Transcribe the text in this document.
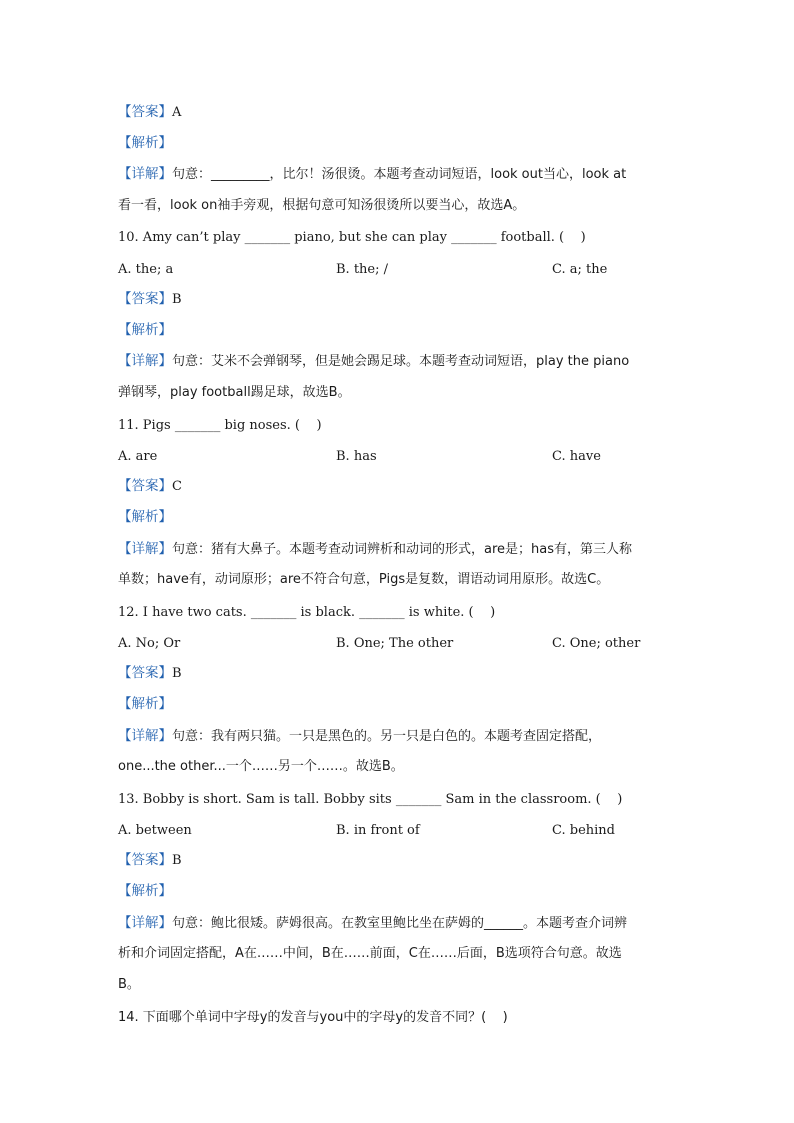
【答案】A
【解析】
【详解】句意：_________，比尔！汤很烫。本题考查动词短语，look out当心，look at
看一看，look on袖手旁观，根据句意可知汤很烫所以要当心，故选A。
10. Amy can’t play _______ piano, but she can play _______ football. (    )
A. the; a	B. the; /	C. a; the
【答案】B
【解析】
【详解】句意：艾米不会弹钢琴，但是她会踢足球。本题考查动词短语，play the piano
弹钢琴，play football踢足球，故选B。
11. Pigs _______ big noses. (    )
A. are	B. has	C. have
【答案】C
【解析】
【详解】句意：猪有大鼻子。本题考查动词辨析和动词的形式，are是；has有，第三人称
单数；have有，动词原形；are不符合句意，Pigs是复数，谓语动词用原形。故选C。
12. I have two cats. _______ is black. _______ is white. (    )
A. No; Or	B. One; The other	C. One; other
【答案】B
【解析】
【详解】句意：我有两只猫。一只是黑色的。另一只是白色的。本题考查固定搭配，
one...the other...一个……另一个……。故选B。
13. Bobby is short. Sam is tall. Bobby sits _______ Sam in the classroom. (    )
A. between	B. in front of	C. behind
【答案】B
【解析】
【详解】句意：鲍比很矮。萨姆很高。在教室里鲍比坐在萨姆的______。本题考查介词辨
析和介词固定搭配，A在……中间，B在……前面，C在……后面，B选项符合句意。故选
B。
14. 下面哪个单词中字母y的发音与you中的字母y的发音不同？(    )
